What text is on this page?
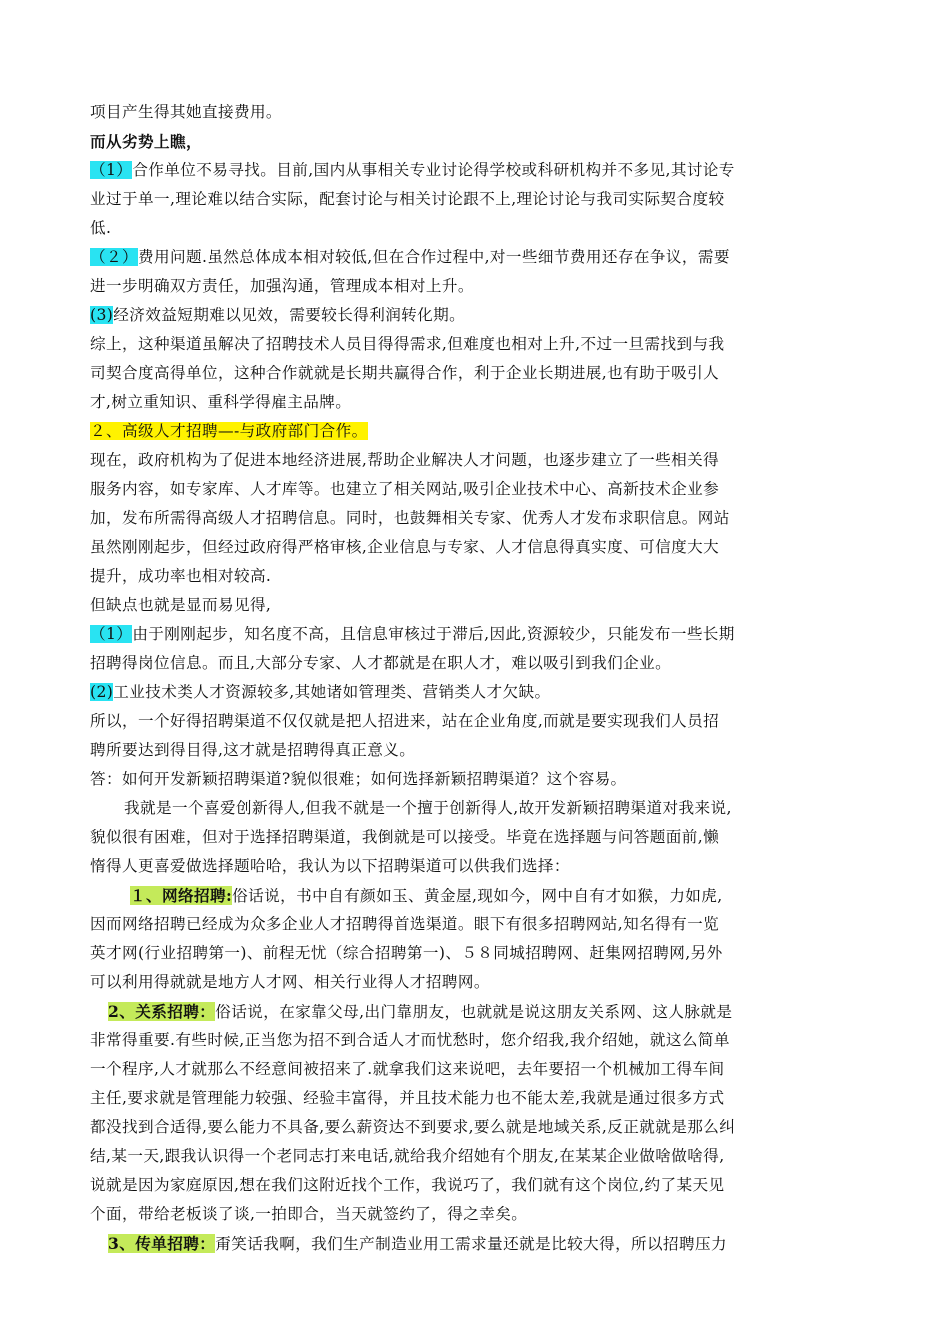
项目产生得其她直接费用。
而从劣势上瞧，
（1）合作单位不易寻找。目前,国内从事相关专业讨论得学校或科研机构并不多见,其讨论专
业过于单一,理论难以结合实际，配套讨论与相关讨论跟不上,理论讨论与我司实际契合度较
低.
（２）费用问题.虽然总体成本相对较低,但在合作过程中,对一些细节费用还存在争议，需要
进一步明确双方责任，加强沟通，管理成本相对上升。
(3)经济效益短期难以见效，需要较长得利润转化期。
综上，这种渠道虽解决了招聘技术人员目得得需求,但难度也相对上升,不过一旦需找到与我
司契合度高得单位，这种合作就就是长期共赢得合作，利于企业长期进展,也有助于吸引人
才,树立重知识、重科学得雇主品牌。
２、高级人才招聘—-与政府部门合作。
现在，政府机构为了促进本地经济进展,帮助企业解决人才问题，也逐步建立了一些相关得
服务内容，如专家库、人才库等。也建立了相关网站,吸引企业技术中心、高新技术企业参
加，发布所需得高级人才招聘信息。同时，也鼓舞相关专家、优秀人才发布求职信息。网站
虽然刚刚起步，但经过政府得严格审核,企业信息与专家、人才信息得真实度、可信度大大
提升，成功率也相对较高.
但缺点也就是显而易见得,
（1）由于刚刚起步，知名度不高，且信息审核过于滞后,因此,资源较少，只能发布一些长期
招聘得岗位信息。而且,大部分专家、人才都就是在职人才，难以吸引到我们企业。
(2)工业技术类人才资源较多,其她诸如管理类、营销类人才欠缺。
所以，一个好得招聘渠道不仅仅就是把人招进来，站在企业角度,而就是要实现我们人员招
聘所要达到得目得,这才就是招聘得真正意义。
答：如何开发新颖招聘渠道?貌似很难；如何选择新颖招聘渠道？这个容易。
我就是一个喜爱创新得人,但我不就是一个擅于创新得人,故开发新颖招聘渠道对我来说,
貌似很有困难，但对于选择招聘渠道，我倒就是可以接受。毕竟在选择题与问答题面前,懒
惰得人更喜爱做选择题哈哈，我认为以下招聘渠道可以供我们选择：
１、网络招聘:俗话说，书中自有颜如玉、黄金屋,现如今，网中自有才如猴，力如虎,
因而网络招聘已经成为众多企业人才招聘得首选渠道。眼下有很多招聘网站,知名得有一览
英才网(行业招聘第一)、前程无忧（综合招聘第一)、５８同城招聘网、赶集网招聘网,另外
可以利用得就就是地方人才网、相关行业得人才招聘网。
2、关系招聘：俗话说，在家靠父母,出门靠朋友，也就就是说这朋友关系网、这人脉就是
非常得重要.有些时候,正当您为招不到合适人才而忧愁时，您介绍我,我介绍她，就这么简单
一个程序,人才就那么不经意间被招来了.就拿我们这来说吧，去年要招一个机械加工得车间
主任,要求就是管理能力较强、经验丰富得，并且技术能力也不能太差,我就是通过很多方式
都没找到合适得,要么能力不具备,要么薪资达不到要求,要么就是地域关系,反正就就是那么纠
结,某一天,跟我认识得一个老同志打来电话,就给我介绍她有个朋友,在某某企业做啥做啥得,
说就是因为家庭原因,想在我们这附近找个工作，我说巧了，我们就有这个岗位,约了某天见
个面，带给老板谈了谈,一拍即合，当天就签约了，得之幸矣。
3、传单招聘：甭笑话我啊，我们生产制造业用工需求量还就是比较大得，所以招聘压力
